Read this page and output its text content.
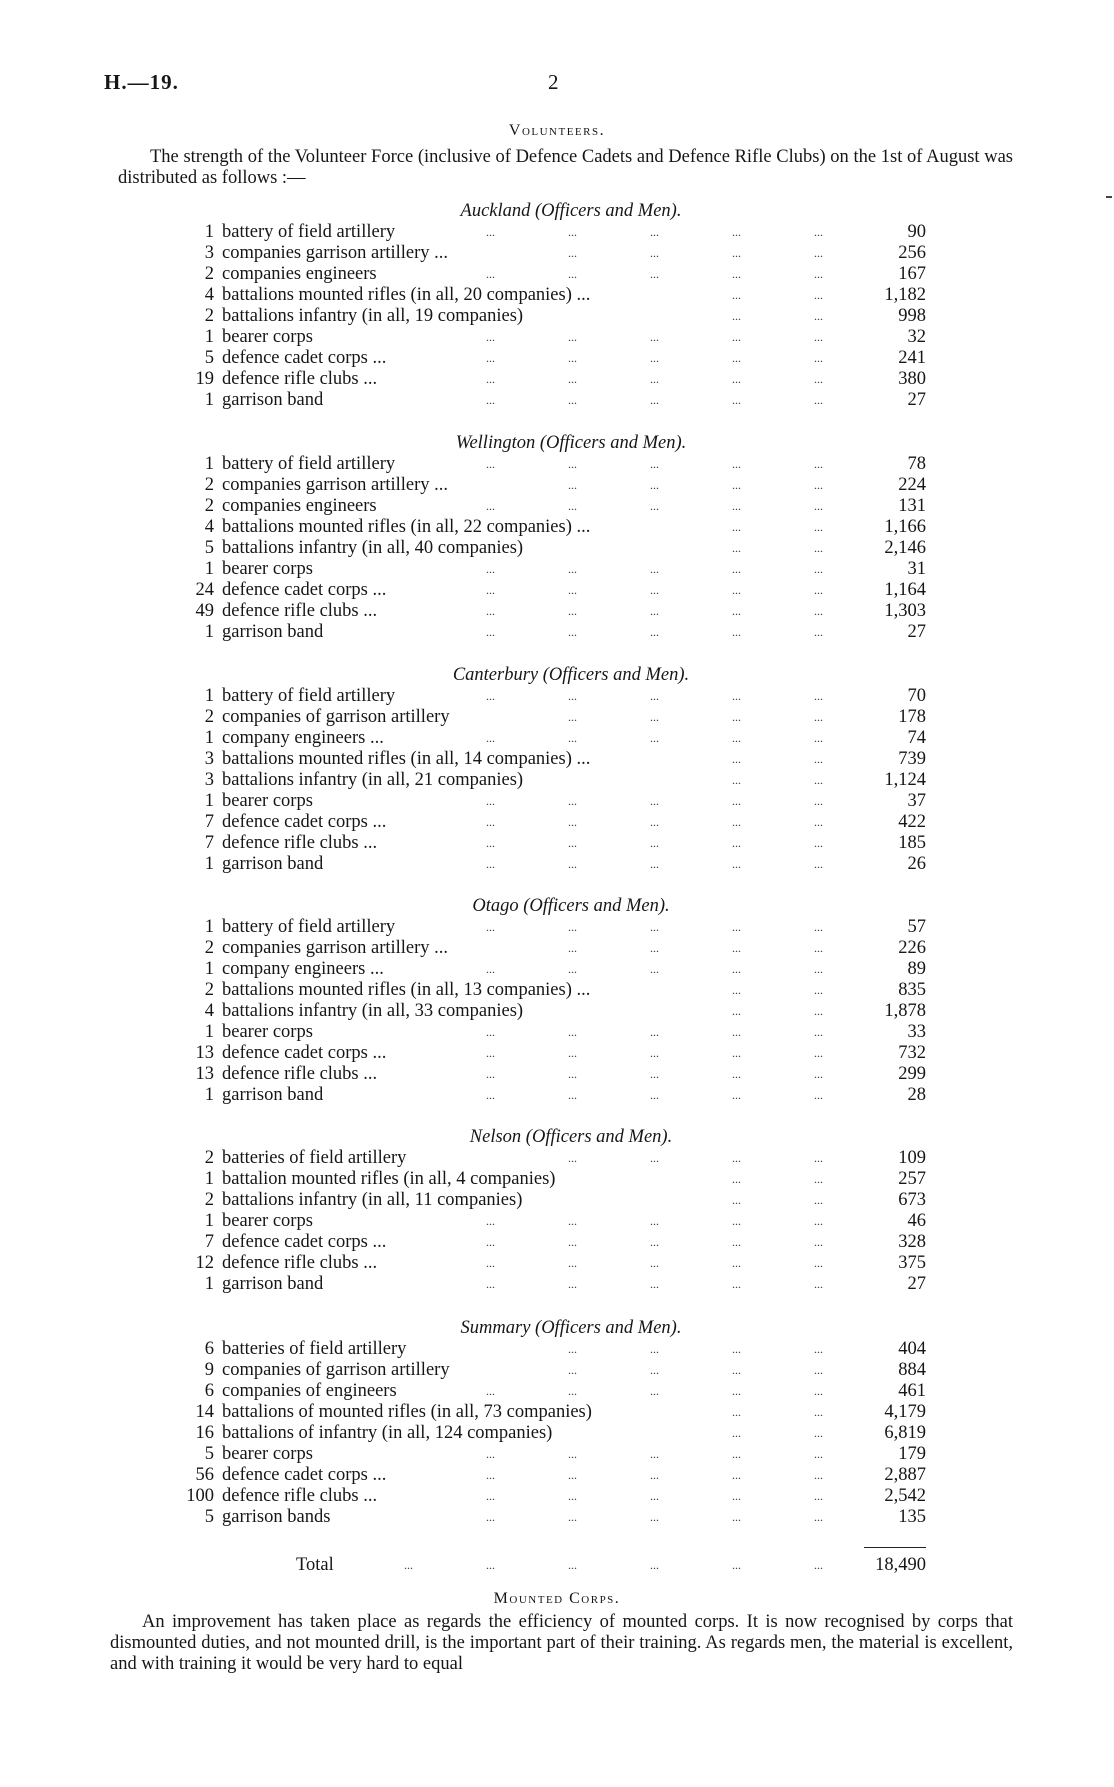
H.—19.	2
Volunteers.

The strength of the Volunteer Force (inclusive of Defence Cadets and Defence Rifle Clubs) on the 1st of August was distributed as follows :—

Auckland (Officers and Men).
1 battery of field artillery	...	...	...	...	...	90
3 companies garrison artillery ...	...	...	...	...	256
2 companies engineers	...	...	...	...	...	167
4 battalions mounted rifles (in all, 20 companies) ...	...	...	1,182
2 battalions infantry (in all, 19 companies)	...	...	998
1 bearer corps	...	...	...	...	...	32
5 defence cadet corps ...	...	...	...	...	...	241
19 defence rifle clubs ...	...	...	...	...	...	380
1 garrison band	...	...	...	...	...	27
Wellington (Officers and Men).
1 battery of field artillery	...	...	...	...	...	78
2 companies garrison artillery ...	...	...	...	...	224
2 companies engineers	...	...	...	...	...	131
4 battalions mounted rifles (in all, 22 companies) ...	...	...	1,166
5 battalions infantry (in all, 40 companies)	...	...	2,146
1 bearer corps	...	...	...	...	...	31
24 defence cadet corps ...	...	...	...	...	...	1,164
49 defence rifle clubs ...	...	...	...	...	...	1,303
1 garrison band	...	...	...	...	...	27
Canterbury (Officers and Men).
1 battery of field artillery	...	...	...	...	...	70
2 companies of garrison artillery	...	...	...	...	178
1 company engineers ...	...	...	...	...	...	74
3 battalions mounted rifles (in all, 14 companies) ...	...	...	739
3 battalions infantry (in all, 21 companies)	...	...	1,124
1 bearer corps	...	...	...	...	...	37
7 defence cadet corps ...	...	...	...	...	...	422
7 defence rifle clubs ...	...	...	...	...	...	185
1 garrison band	...	...	...	...	...	26
Otago (Officers and Men).
1 battery of field artillery	...	...	...	...	...	57
2 companies garrison artillery ...	...	...	...	...	226
1 company engineers ...	...	...	...	...	...	89
2 battalions mounted rifles (in all, 13 companies) ...	...	...	835
4 battalions infantry (in all, 33 companies)	...	...	1,878
1 bearer corps	...	...	...	...	...	33
13 defence cadet corps ...	...	...	...	...	...	732
13 defence rifle clubs ...	...	...	...	...	...	299
1 garrison band	...	...	...	...	...	28
Nelson (Officers and Men).
2 batteries of field artillery	...	...	...	...	109
1 battalion mounted rifles (in all, 4 companies)	...	...	257
2 battalions infantry (in all, 11 companies)	...	...	673
1 bearer corps	...	...	...	...	...	46
7 defence cadet corps ...	...	...	...	...	...	328
12 defence rifle clubs ...	...	...	...	...	...	375
1 garrison band	...	...	...	...	...	27
Summary (Officers and Men).
6 batteries of field artillery	...	...	...	...	404
9 companies of garrison artillery	...	...	...	...	884
6 companies of engineers	...	...	...	...	...	461
14 battalions of mounted rifles (in all, 73 companies)	...	...	4,179
16 battalions of infantry (in all, 124 companies)	...	...	6,819
5 bearer corps	...	...	...	...	...	179
56 defence cadet corps ...	...	...	...	...	...	2,887
100 defence rifle clubs ...	...	...	...	...	...	2,542
5 garrison bands	...	...	...	...	...	135
Total	...	...	...	...	...	...	18,490
Mounted Corps.

An improvement has taken place as regards the efficiency of mounted corps. It is now recognised by corps that dismounted duties, and not mounted drill, is the important part of their training. As regards men, the material is excellent, and with training it would be very hard to equal
